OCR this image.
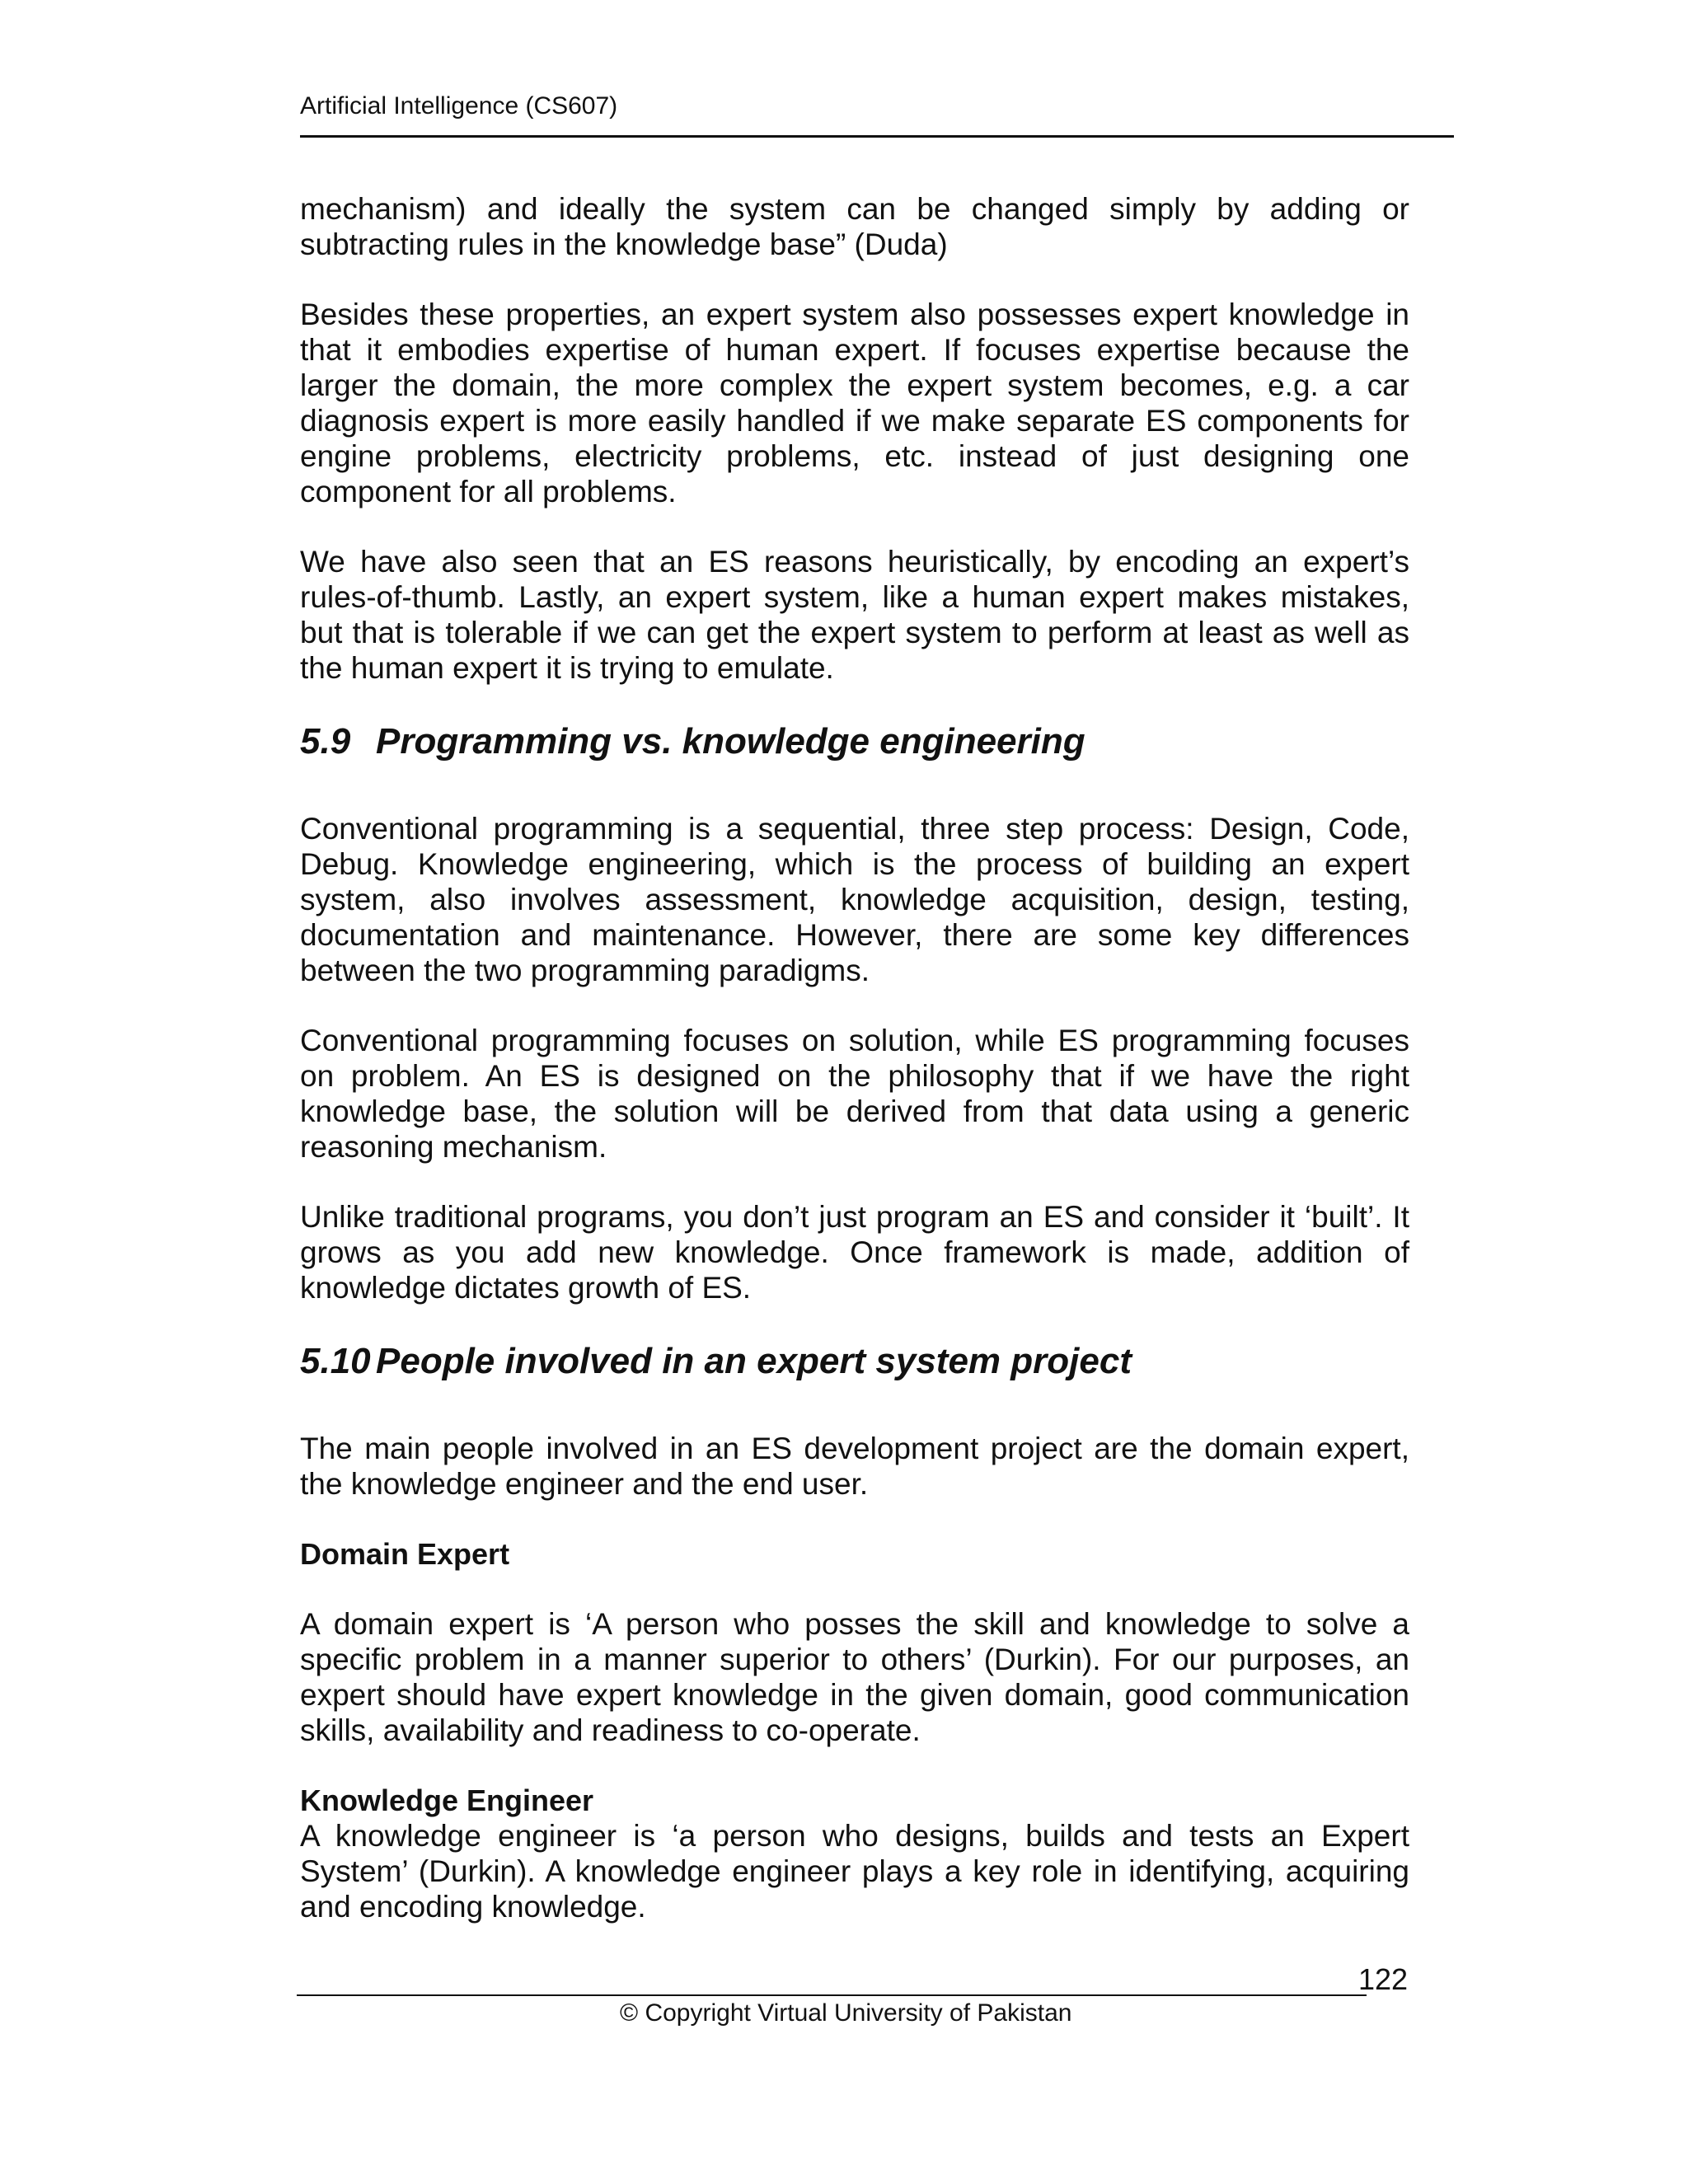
Artificial Intelligence (CS607)

mechanism) and ideally the system can be changed simply by adding or subtracting rules in the knowledge base” (Duda)

Besides these properties, an expert system also possesses expert knowledge in that it embodies expertise of human expert. If focuses expertise because the larger the domain, the more complex the expert system becomes, e.g. a car diagnosis expert is more easily handled if we make separate ES components for engine problems, electricity problems, etc. instead of just designing one component for all problems.

We have also seen that an ES reasons heuristically, by encoding an expert’s rules-of-thumb. Lastly, an expert system, like a human expert makes mistakes, but that is tolerable if we can get the expert system to perform at least as well as the human expert it is trying to emulate.

5.9 Programming vs. knowledge engineering

Conventional programming is a sequential, three step process: Design, Code, Debug. Knowledge engineering, which is the process of building an expert system, also involves assessment, knowledge acquisition, design, testing, documentation and maintenance. However, there are some key differences between the two programming paradigms.

Conventional programming focuses on solution, while ES programming focuses on problem. An ES is designed on the philosophy that if we have the right knowledge base, the solution will be derived from that data using a generic reasoning mechanism.

Unlike traditional programs, you don’t just program an ES and consider it ‘built’. It grows as you add new knowledge. Once framework is made, addition of knowledge dictates growth of ES.

5.10 People involved in an expert system project

The main people involved in an ES development project are the domain expert, the knowledge engineer and the end user.

Domain Expert

A domain expert is ‘A person who posses the skill and knowledge to solve a specific problem in a manner superior to others’ (Durkin). For our purposes, an expert should have expert knowledge in the given domain, good communication skills, availability and readiness to co-operate.

Knowledge Engineer

A knowledge engineer is ‘a person who designs, builds and tests an Expert System’ (Durkin). A knowledge engineer plays a key role in identifying, acquiring and encoding knowledge.

122
© Copyright Virtual University of Pakistan
